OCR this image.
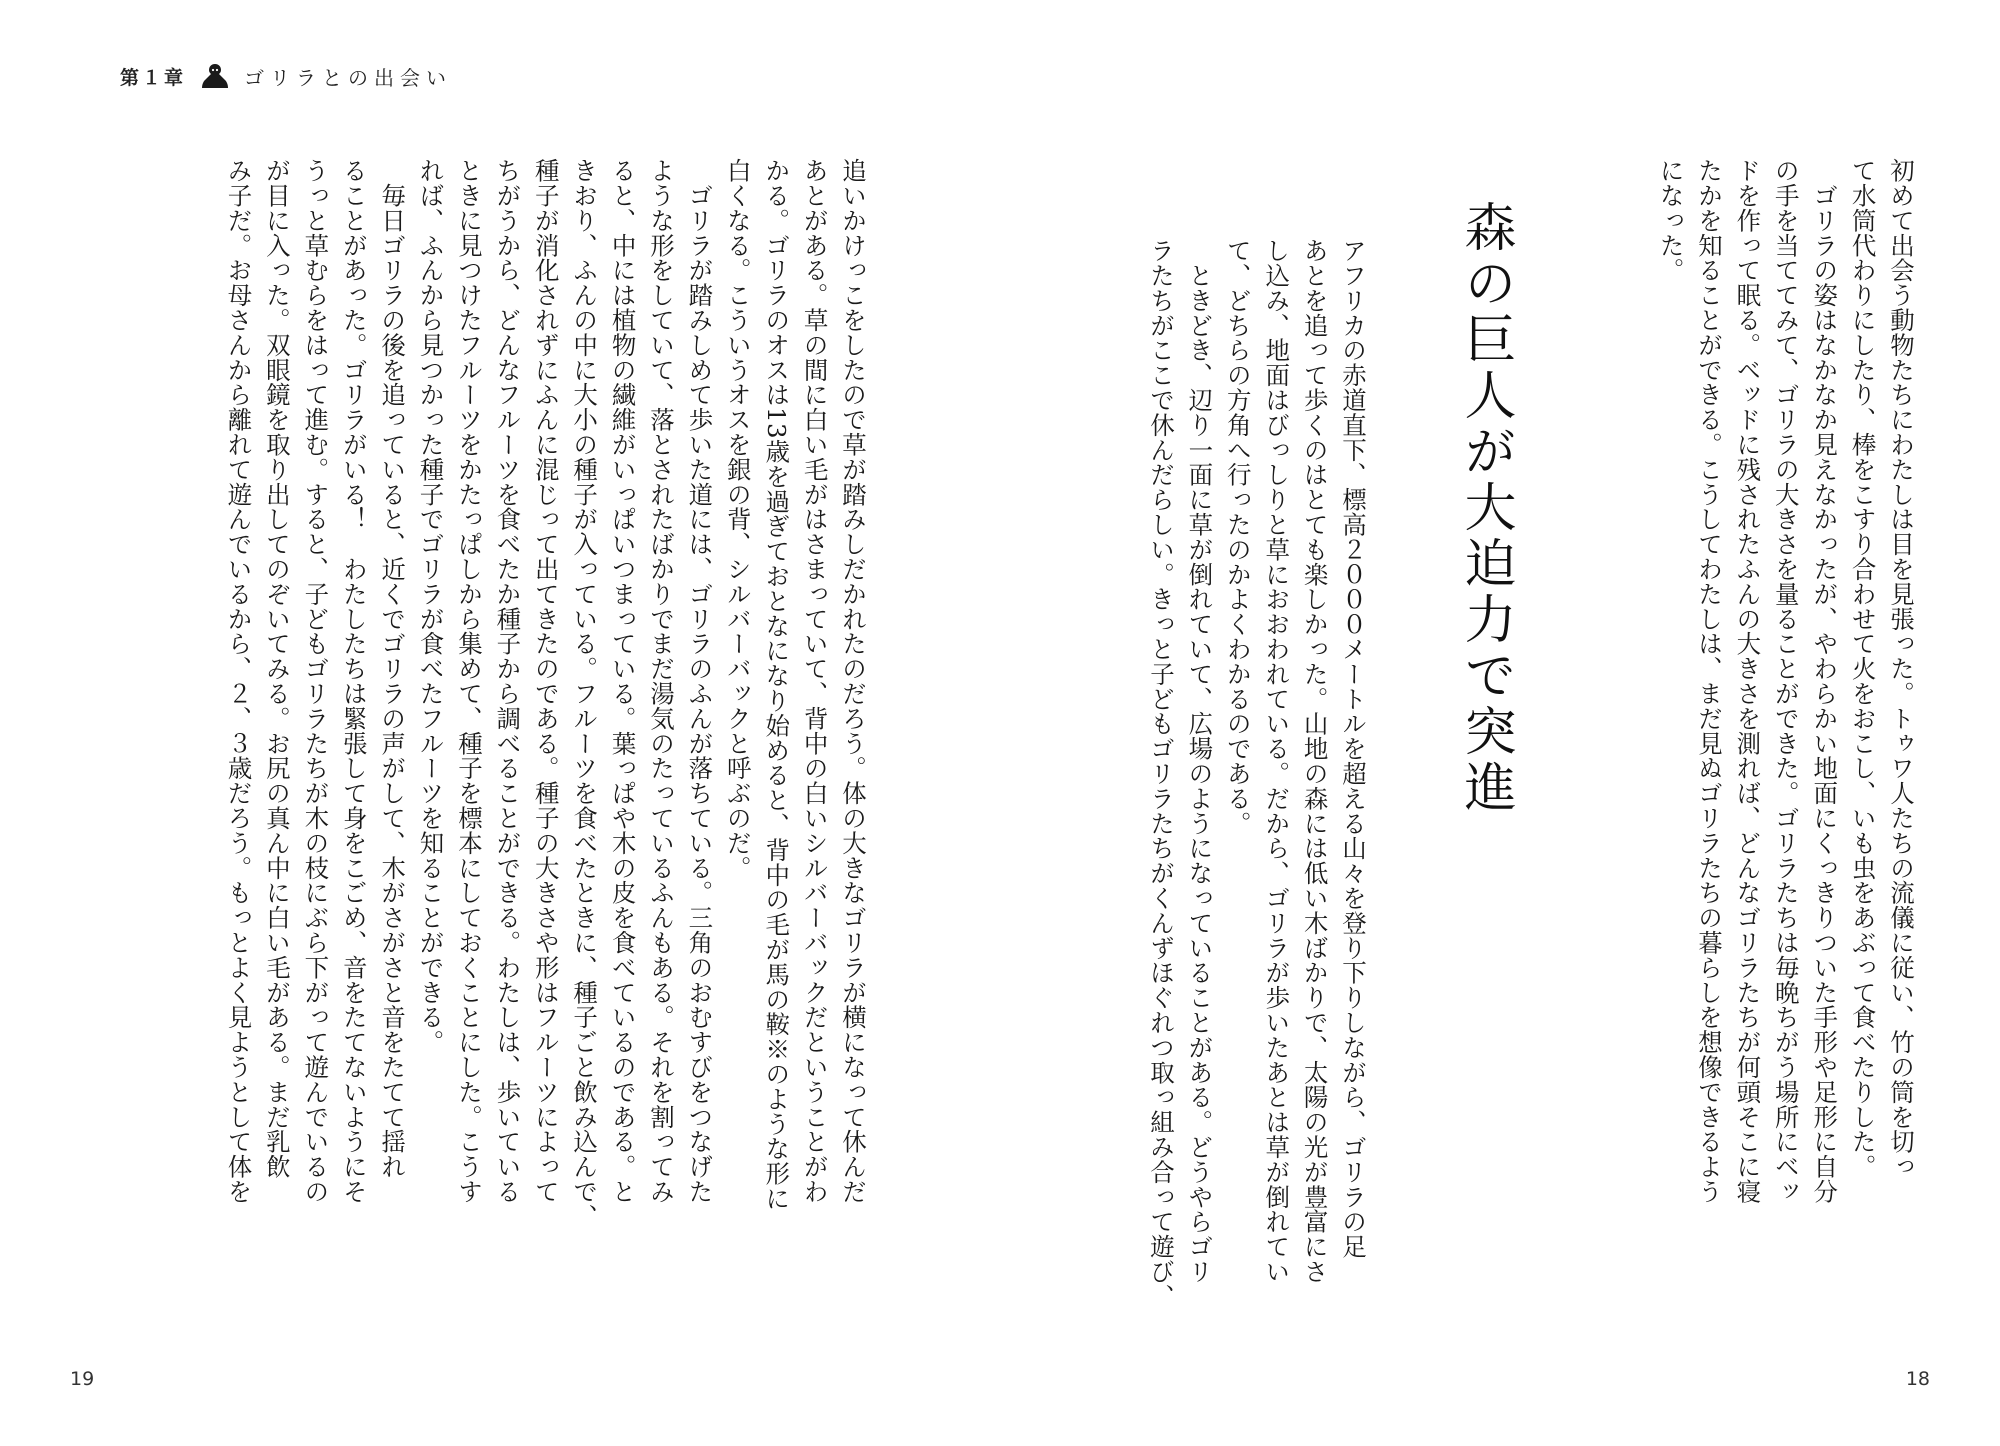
第１章	ゴリラとの出会い
初めて出会う動物たちにわたしは目を見張った。トゥワ人たちの流儀に従い、竹の筒を切っ
て水筒代わりにしたり、棒をこすり合わせて火をおこし、いも虫をあぶって食べたりした。
　ゴリラの姿はなかなか見えなかったが、やわらかい地面にくっきりついた手形や足形に自分
の手を当ててみて、ゴリラの大きさを量ることができた。ゴリラたちは毎晩ちがう場所にベッ
ドを作って眠る。ベッドに残されたふんの大きさを測れば、どんなゴリラたちが何頭そこに寝
たかを知ることができる。こうしてわたしは、まだ見ぬゴリラたちの暮らしを想像できるよう
になった。
森の巨人が大迫力で突進
アフリカの赤道直下、標高２０００メートルを超える山々を登り下りしながら、ゴリラの足
あとを追って歩くのはとても楽しかった。山地の森には低い木ばかりで、太陽の光が豊富にさ
し込み、地面はびっしりと草におおわれている。だから、ゴリラが歩いたあとは草が倒れてい
て、どちらの方角へ行ったのかよくわかるのである。
　ときどき、辺り一面に草が倒れていて、広場のようになっていることがある。どうやらゴリ
ラたちがここで休んだらしい。きっと子どもゴリラたちがくんずほぐれつ取っ組み合って遊び、
追いかけっこをしたので草が踏みしだかれたのだろう。体の大きなゴリラが横になって休んだ
あとがある。草の間に白い毛がはさまっていて、背中の白いシルバーバックだということがわ
かる。ゴリラのオスは13歳を過ぎておとなになり始めると、背中の毛が馬の鞍※のような形に
白くなる。こういうオスを銀の背、シルバーバックと呼ぶのだ。
　ゴリラが踏みしめて歩いた道には、ゴリラのふんが落ちている。三角のおむすびをつなげた
ような形をしていて、落とされたばかりでまだ湯気のたっているふんもある。それを割ってみ
ると、中には植物の繊維がいっぱいつまっている。葉っぱや木の皮を食べているのである。と
きおり、ふんの中に大小の種子が入っている。フルーツを食べたときに、種子ごと飲み込んで、
種子が消化されずにふんに混じって出てきたのである。種子の大きさや形はフルーツによって
ちがうから、どんなフルーツを食べたか種子から調べることができる。わたしは、歩いている
ときに見つけたフルーツをかたっぱしから集めて、種子を標本にしておくことにした。こうす
れば、ふんから見つかった種子でゴリラが食べたフルーツを知ることができる。
　毎日ゴリラの後を追っていると、近くでゴリラの声がして、木がさがさと音をたてて揺れ
ることがあった。ゴリラがいる！　わたしたちは緊張して身をこごめ、音をたてないようにそ
うっと草むらをはって進む。すると、子どもゴリラたちが木の枝にぶら下がって遊んでいるの
が目に入った。双眼鏡を取り出してのぞいてみる。お尻の真ん中に白い毛がある。まだ乳飲
み子だ。お母さんから離れて遊んでいるから、２、３歳だろう。もっとよく見ようとして体を
19	18
